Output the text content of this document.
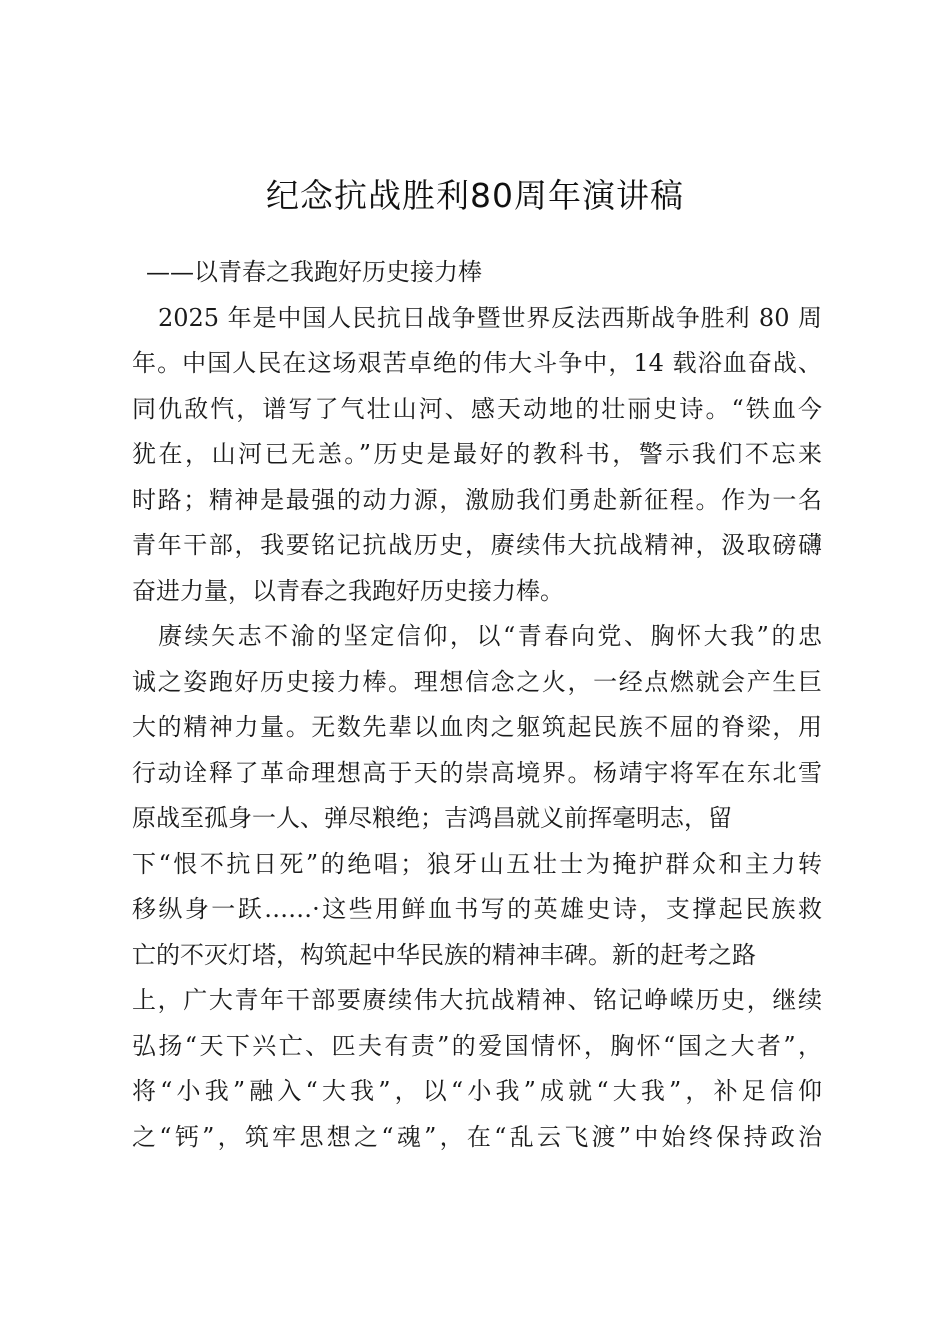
纪念抗战胜利80周年演讲稿
——以青春之我跑好历史接力棒
2025 年是中国人民抗日战争暨世界反法西斯战争胜利 80 周
年。中国人民在这场艰苦卓绝的伟大斗争中，14 载浴血奋战、
同仇敌忾，谱写了气壮山河、感天动地的壮丽史诗。“铁血今
犹在，山河已无恙。”历史是最好的教科书，警示我们不忘来
时路；精神是最强的动力源，激励我们勇赴新征程。作为一名
青年干部，我要铭记抗战历史，赓续伟大抗战精神，汲取磅礴
奋进力量，以青春之我跑好历史接力棒。
赓续矢志不渝的坚定信仰，以“青春向党、胸怀大我”的忠
诚之姿跑好历史接力棒。理想信念之火，一经点燃就会产生巨
大的精神力量。无数先辈以血肉之躯筑起民族不屈的脊梁，用
行动诠释了革命理想高于天的崇高境界。杨靖宇将军在东北雪
原战至孤身一人、弹尽粮绝；吉鸿昌就义前挥毫明志，留
下“恨不抗日死”的绝唱；狼牙山五壮士为掩护群众和主力转
移纵身一跃……·这些用鲜血书写的英雄史诗，支撑起民族救
亡的不灭灯塔，构筑起中华民族的精神丰碑。新的赶考之路
上，广大青年干部要赓续伟大抗战精神、铭记峥嵘历史，继续
弘扬“天下兴亡、匹夫有责”的爱国情怀，胸怀“国之大者”，
将“小我”融入“大我”，以“小我”成就“大我”，补足信仰
之“钙”，筑牢思想之“魂”，在“乱云飞渡”中始终保持政治
